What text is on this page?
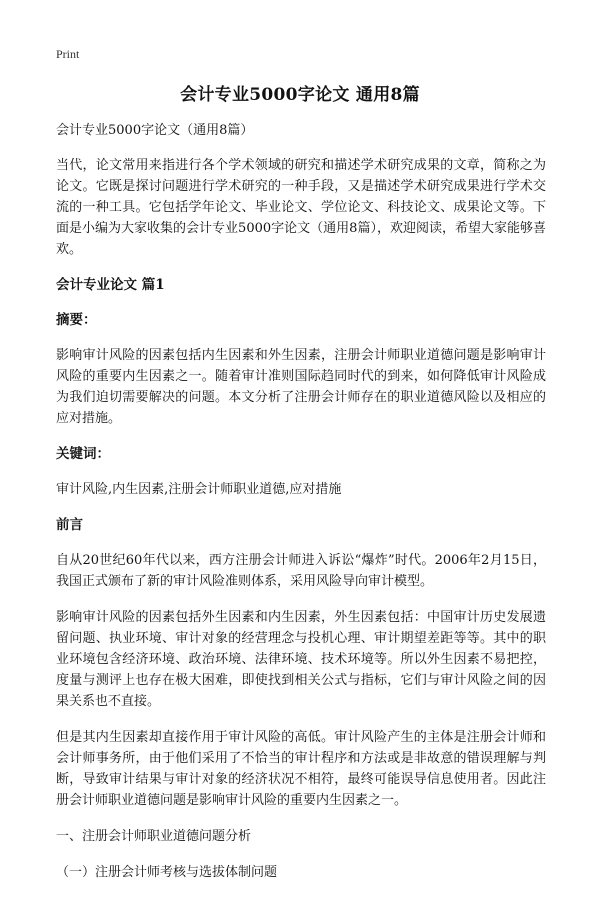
Print
会计专业5000字论文 通用8篇
会计专业5000字论文（通用8篇）
当代，论文常用来指进行各个学术领域的研究和描述学术研究成果的文章，简称之为论文。它既是探讨问题进行学术研究的一种手段，又是描述学术研究成果进行学术交流的一种工具。它包括学年论文、毕业论文、学位论文、科技论文、成果论文等。下面是小编为大家收集的会计专业5000字论文（通用8篇），欢迎阅读，希望大家能够喜欢。
会计专业论文 篇1
摘要：
影响审计风险的因素包括内生因素和外生因素，注册会计师职业道德问题是影响审计风险的重要内生因素之一。随着审计准则国际趋同时代的到来，如何降低审计风险成为我们迫切需要解决的问题。本文分析了注册会计师存在的职业道德风险以及相应的应对措施。
关键词：
审计风险,内生因素,注册会计师职业道德,应对措施
前言
自从20世纪60年代以来，西方注册会计师进入诉讼“爆炸”时代。2006年2月15日，我国正式颁布了新的审计风险准则体系，采用风险导向审计模型。
影响审计风险的因素包括外生因素和内生因素，外生因素包括：中国审计历史发展遗留问题、执业环境、审计对象的经营理念与投机心理、审计期望差距等等。其中的职业环境包含经济环境、政治环境、法律环境、技术环境等。所以外生因素不易把控，度量与测评上也存在极大困难，即使找到相关公式与指标，它们与审计风险之间的因果关系也不直接。
但是其内生因素却直接作用于审计风险的高低。审计风险产生的主体是注册会计师和会计师事务所，由于他们采用了不恰当的审计程序和方法或是非故意的错误理解与判断，导致审计结果与审计对象的经济状况不相符，最终可能误导信息使用者。因此注册会计师职业道德问题是影响审计风险的重要内生因素之一。
一、注册会计师职业道德问题分析
（一）注册会计师考核与选拔体制问题
